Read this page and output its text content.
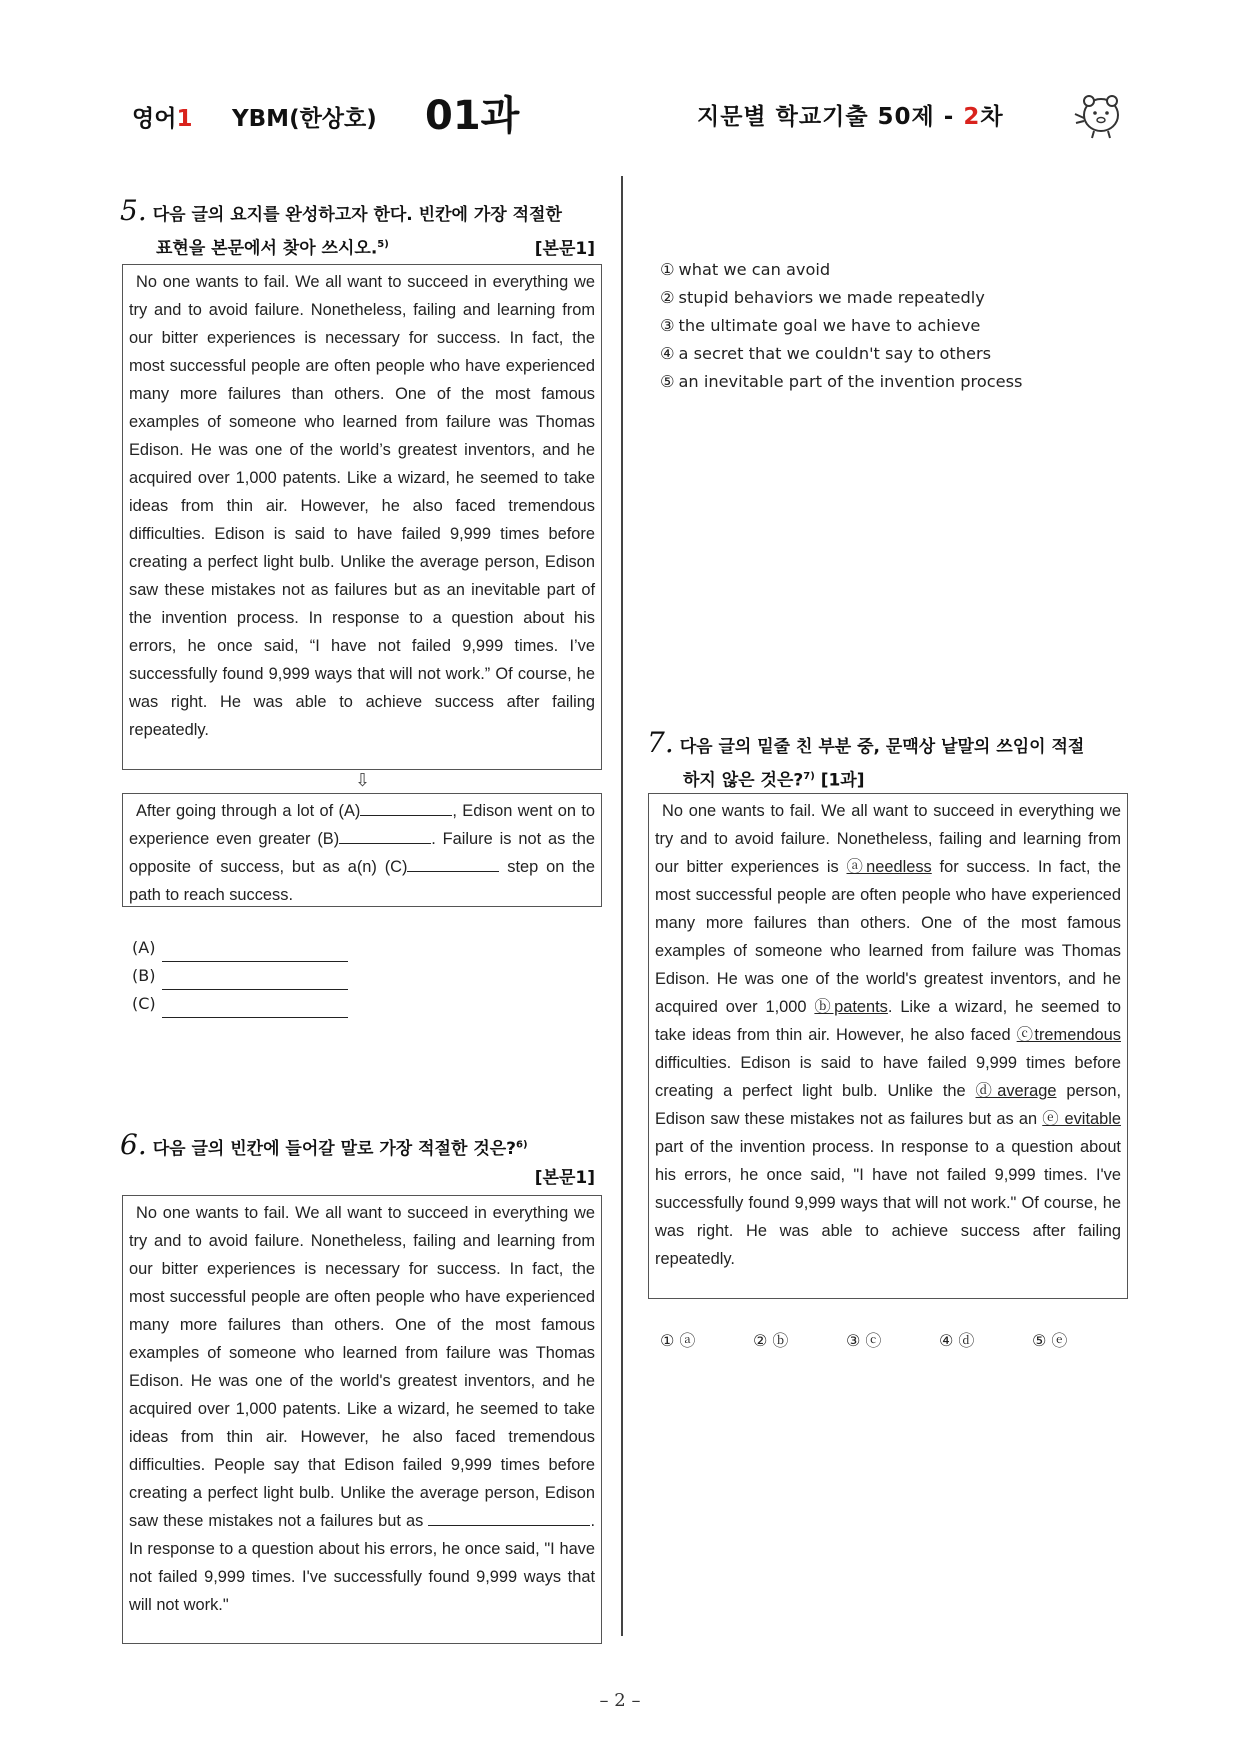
영어1 YBM(한상호) 01과	지문별 학교기출 50제 - 2차
5. 다음 글의 요지를 완성하고자 한다. 빈칸에 가장 적절한
표현을 본문에서 찾아 쓰시오.$^{5)}$	[본문1]

No one wants to fail. We all want to succeed in everything we try and to avoid failure. Nonetheless, failing and learning from our bitter experiences is necessary for success. In fact, the most successful people are often people who have experienced many more failures than others. One of the most famous examples of someone who learned from failure was Thomas Edison. He was one of the world’s greatest inventors, and he acquired over 1,000 patents. Like a wizard, he seemed to take ideas from thin air. However, he also faced tremendous difficulties. Edison is said to have failed 9,999 times before creating a perfect light bulb. Unlike the average person, Edison saw these mistakes not as failures but as an inevitable part of the invention process. In response to a question about his errors, he once said, “I have not failed 9,999 times. I’ve successfully found 9,999 ways that will not work.” Of course, he was right. He was able to achieve success after failing repeatedly.

⇩

After going through a lot of (A)	, Edison went on to experience even greater (B)	. Failure is not as the opposite of success, but as a(n) (C)	step on the path to reach success.

(A)
(B)
(C)
6. 다음 글의 빈칸에 들어갈 말로 가장 적절한 것은?$^{6)}$
[본문1]

No one wants to fail. We all want to succeed in everything we try and to avoid failure. Nonetheless, failing and learning from our bitter experiences is necessary for success. In fact, the most successful people are often people who have experienced many more failures than others. One of the most famous examples of someone who learned from failure was Thomas Edison. He was one of the world's greatest inventors, and he acquired over 1,000 patents. Like a wizard, he seemed to take ideas from thin air. However, he also faced tremendous difficulties. People say that Edison failed 9,999 times before creating a perfect light bulb. Unlike the average person, Edison saw these mistakes not a failures but as	. In response to a question about his errors, he once said, "I have not failed 9,999 times. I've successfully found 9,999 ways that will not work."

① what we can avoid
② stupid behaviors we made repeatedly
③ the ultimate goal we have to achieve
④ a secret that we couldn't say to others
⑤ an inevitable part of the invention process
7. 다음 글의 밑줄 친 부분 중, 문맥상 낱말의 쓰임이 적절
하지 않은 것은?$^{7)}$ [1과]

No one wants to fail. We all want to succeed in everything we try and to avoid failure. Nonetheless, failing and learning from our bitter experiences is ⓐneedless for success. In fact, the most successful people are often people who have experienced many more failures than others. One of the most famous examples of someone who learned from failure was Thomas Edison. He was one of the world's greatest inventors, and he acquired over 1,000 ⓑpatents. Like a wizard, he seemed to take ideas from thin air. However, he also faced ⓒtremendous difficulties. Edison is said to have failed 9,999 times before creating a perfect light bulb. Unlike the ⓓaverage person, Edison saw these mistakes not as failures but as an ⓔ evitable part of the invention process. In response to a question about his errors, he once said, "I have not failed 9,999 times. I've successfully found 9,999 ways that will not work." Of course, he was right. He was able to achieve success after failing repeatedly.

① ⓐ	② ⓑ	③ ⓒ	④ ⓓ	⑤ ⓔ
– 2 –
